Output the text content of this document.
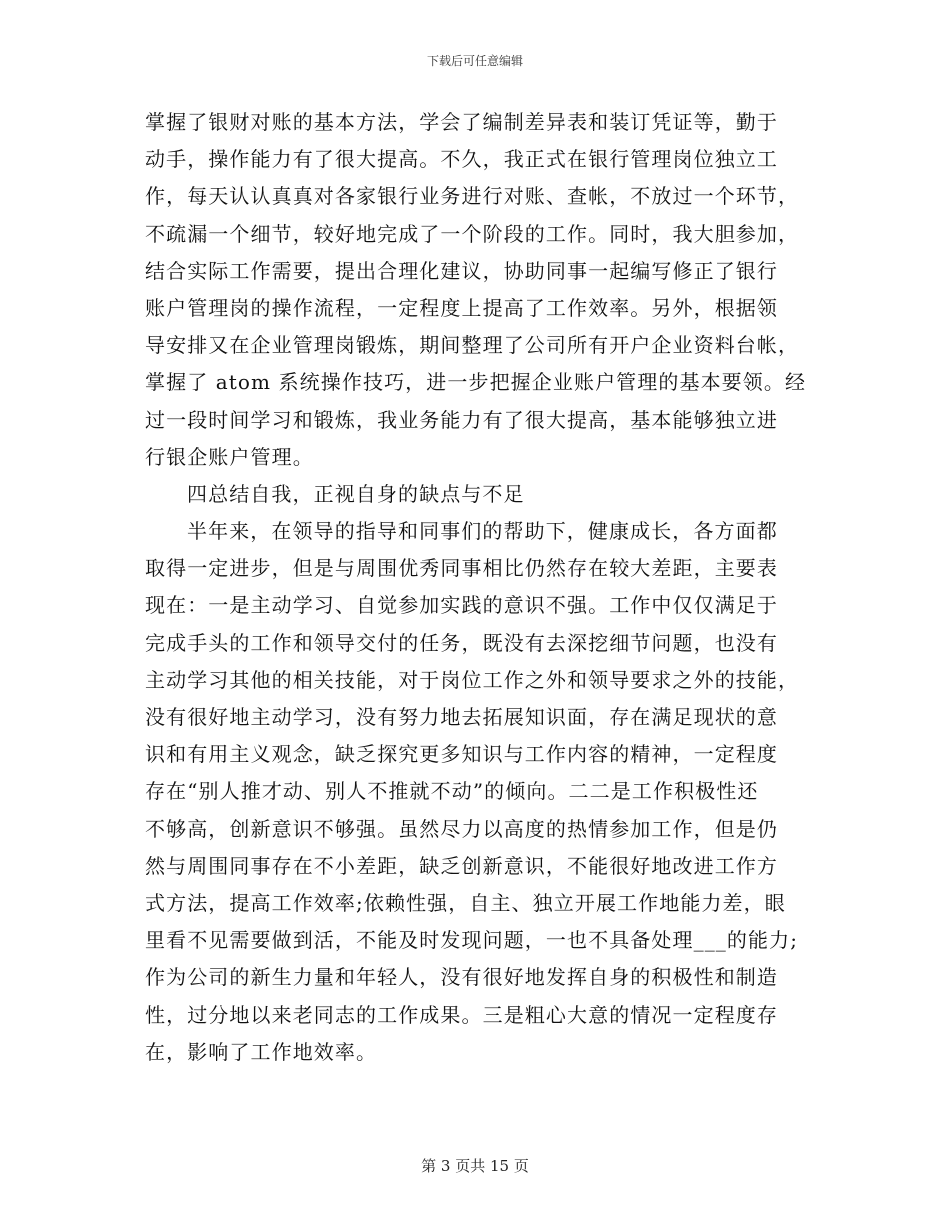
下载后可任意编辑
掌握了银财对账的基本方法，学会了编制差异表和装订凭证等，勤于
动手，操作能力有了很大提高。不久，我正式在银行管理岗位独立工
作，每天认认真真对各家银行业务进行对账、查帐，不放过一个环节，
不疏漏一个细节，较好地完成了一个阶段的工作。同时，我大胆参加，
结合实际工作需要，提出合理化建议，协助同事一起编写修正了银行
账户管理岗的操作流程，一定程度上提高了工作效率。另外，根据领
导安排又在企业管理岗锻炼，期间整理了公司所有开户企业资料台帐，
掌握了 atom 系统操作技巧，进一步把握企业账户管理的基本要领。经
过一段时间学习和锻炼，我业务能力有了很大提高，基本能够独立进
行银企账户管理。
四总结自我，正视自身的缺点与不足
半年来，在领导的指导和同事们的帮助下，健康成长，各方面都
取得一定进步，但是与周围优秀同事相比仍然存在较大差距，主要表
现在：一是主动学习、自觉参加实践的意识不强。工作中仅仅满足于
完成手头的工作和领导交付的任务，既没有去深挖细节问题，也没有
主动学习其他的相关技能，对于岗位工作之外和领导要求之外的技能，
没有很好地主动学习，没有努力地去拓展知识面，存在满足现状的意
识和有用主义观念，缺乏探究更多知识与工作内容的精神，一定程度
存在“别人推才动、别人不推就不动”的倾向。二二是工作积极性还
不够高，创新意识不够强。虽然尽力以高度的热情参加工作，但是仍
然与周围同事存在不小差距，缺乏创新意识，不能很好地改进工作方
式方法，提高工作效率;依赖性强，自主、独立开展工作地能力差，眼
里看不见需要做到活，不能及时发现问题，一也不具备处理___的能力;
作为公司的新生力量和年轻人，没有很好地发挥自身的积极性和制造
性，过分地以来老同志的工作成果。三是粗心大意的情况一定程度存
在，影响了工作地效率。
第 3 页共 15 页
